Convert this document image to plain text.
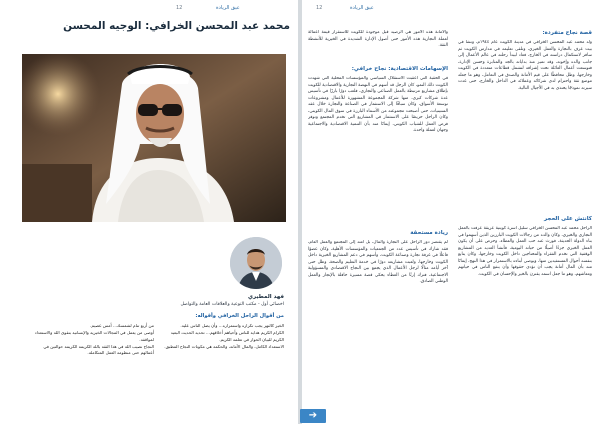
12	عيق الريادة
محمد عبد المحسن الخرافي: الوجيه المحسن
فهد المطيري
اخصائي أول - مكتب التوعية والعلاقات العامة والتواصل
من أقوال الراحل الخرافي وأقواله:
الخير كالنهر يجب تكراره واستمراره... وأن يضل الناس عليه.
الكرام الكريم هداية للناس وأحياهم أخلاقهم... تحديد الحديث البعيد الكريم للبيان الحوار في تعلمه الكريم.
الاستعداد الكامل، والمال الأمانة، والحكمة هي مكونات النجاح المطبق.
من أربع تنام لشمسك... أمس عصيم.
أوصى من يعمل في المجالات الخيرية والإنسانية بتقوى الله والاستعداد لمواقفه.
النجاح نصيب الله في هذا الثقة بالله الكريمة الكريمة حوالتين في أعمالهم حتى منظومة العمل المتكاملة.
12	عيق الريادة
والأمانة هذه الأمور هي الرصيد قبل موجودة للكويت للاستقرار قيمة أعمالة لعملة التجارية هذه الأمور حتى أصول الإدارة الشديدة في الخيرية للأنشطة الثقة.
الإسهامات الاقتصادية: نجاح خرافي:
في الحقبة التي أعقبت الاستقلال السياسي والمؤسسات المحلية التي شهدت الكويت ذلك النمو، كان الرجل قد أسهم في النهضة التجارية والاقتصادية للكويت بإطلاق مشاريع مرتبطة بالعمل الصناعي والتجاري، فلعب دورًا بارزًا في تأسيس عدة شركات كبرى، منها شركة المجموعة المشهورة للأعمال ومشروعات توسعة الأسواق، وكان سباقًا إلى الاستثمار في الصناعة والتجارة خلال عقد الستينيات، حتى أصبحت مجموعته من الأسماء البارزة في سوق المال الكويتي، وكان الراحل حريصًا على الاستثمار في المشاريع التي تخدم المجتمع وتوفر فرص العمل للشباب الكويتي، إيمانًا منه بأن التنمية الاقتصادية والاجتماعية وجهان لعملة واحدة.
ريادة مستحقة
لم يقتصر دور الراحل على التجارة والمال، بل امتد إلى المجتمع والعمل العام، فقد شارك في تأسيس عدد من الجمعيات والمؤسسات الأهلية، وكان عضوًا فاعلًا في غرفة تجارة وصناعة الكويت، وأسهم في دعم المشاريع الخيرية داخل الكويت وخارجها، ولعبت مشاريعه دورًا في خدمة التعليم والصحة، وظل حتى آخر أيامه مثالًا لرجل الأعمال الذي يجمع بين النجاح الاقتصادي والمسؤولية الاجتماعية، فترك إرثًا من العطاء يحكي قصة مسيرة حافلة بالإنجاز والعمل الوطني الصادق.
قصة نجاح متفردة:
ولد محمد عبد المحسن الخرافي في مدينة الكويت عام ١٩٤٤م، ونشأ في بيت عرف بالتجارة والعمل الخيري، وتلقى تعليمه في مدارس الكويت ثم سافر لاستكمال دراسته في الخارج، فعاد ليبدأ رحلته في عالم الأعمال إلى جانب والده وإخوته، وقد تميز منذ بداياته بالجد والمثابرة وحسن الإدارة، فتوسعت أعمال العائلة تحت إشرافه لتشمل قطاعات متعددة في الكويت وخارجها، وظل محافظًا على قيم الأمانة والصدق في التعامل، وهو ما جعله موضع ثقة واحترام لدى شركائه وعملائه في الداخل والخارج، حتى غدت سيرته نموذجًا يحتذى به في الأجيال التالية.
كانتش على الحجر
الراحل محمد عبد المحسن الخرافي سليل أسرة كويتية عريقة عرفت بالعمل التجاري والخيري، وكان والده من رجالات الكويت البارزين الذين أسهموا في بناء الدولة الحديثة، فورث عنه حب العمل والعطاء، وحرص على أن يكون العمل الخيري جزءًا أصيلًا من حياته اليومية، فأنشأ العديد من المشاريع الوقفية التي تخدم الفقراء والمحتاجين داخل الكويت وخارجها، وكان يتابع بنفسه أحوال المستفيدين منها، ويوصي أبناءه بالاستمرار في هذا النهج، إيمانًا منه بأن المال أمانة يجب أن تؤدى حقوقها وأن ينفع الناس في حياتهم ومعاشهم، وهو ما جعل اسمه يقترن بالخير والإحسان في الكويت.
➔
